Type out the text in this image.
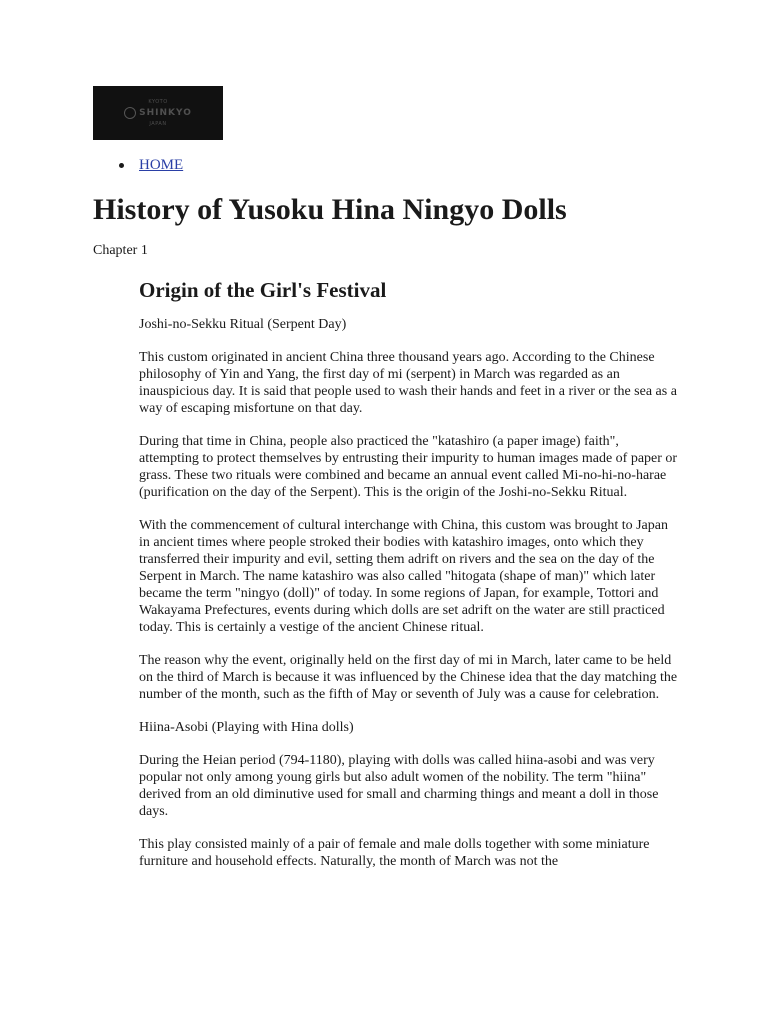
KYOTO
SHINKYO
JAPAN
HOME
History of Yusoku Hina Ningyo Dolls
Chapter 1
Origin of the Girl's Festival

Joshi-no-Sekku Ritual (Serpent Day)

This custom originated in ancient China three thousand years ago. According to the Chinese philosophy of Yin and Yang, the first day of mi (serpent) in March was regarded as an inauspicious day. It is said that people used to wash their hands and feet in a river or the sea as a way of escaping misfortune on that day.

During that time in China, people also practiced the "katashiro (a paper image) faith", attempting to protect themselves by entrusting their impurity to human images made of paper or grass. These two rituals were combined and became an annual event called Mi-no-hi-no-harae (purification on the day of the Serpent). This is the origin of the Joshi-no-Sekku Ritual.

With the commencement of cultural interchange with China, this custom was brought to Japan in ancient times where people stroked their bodies with katashiro images, onto which they transferred their impurity and evil, setting them adrift on rivers and the sea on the day of the Serpent in March. The name katashiro was also called "hitogata (shape of man)" which later became the term "ningyo (doll)" of today. In some regions of Japan, for example, Tottori and Wakayama Prefectures, events during which dolls are set adrift on the water are still practiced today. This is certainly a vestige of the ancient Chinese ritual.

The reason why the event, originally held on the first day of mi in March, later came to be held on the third of March is because it was influenced by the Chinese idea that the day matching the number of the month, such as the fifth of May or seventh of July was a cause for celebration.

Hiina-Asobi (Playing with Hina dolls)

During the Heian period (794-1180), playing with dolls was called hiina-asobi and was very popular not only among young girls but also adult women of the nobility. The term "hiina" derived from an old diminutive used for small and charming things and meant a doll in those days.

This play consisted mainly of a pair of female and male dolls together with some miniature furniture and household effects. Naturally, the month of March was not the
